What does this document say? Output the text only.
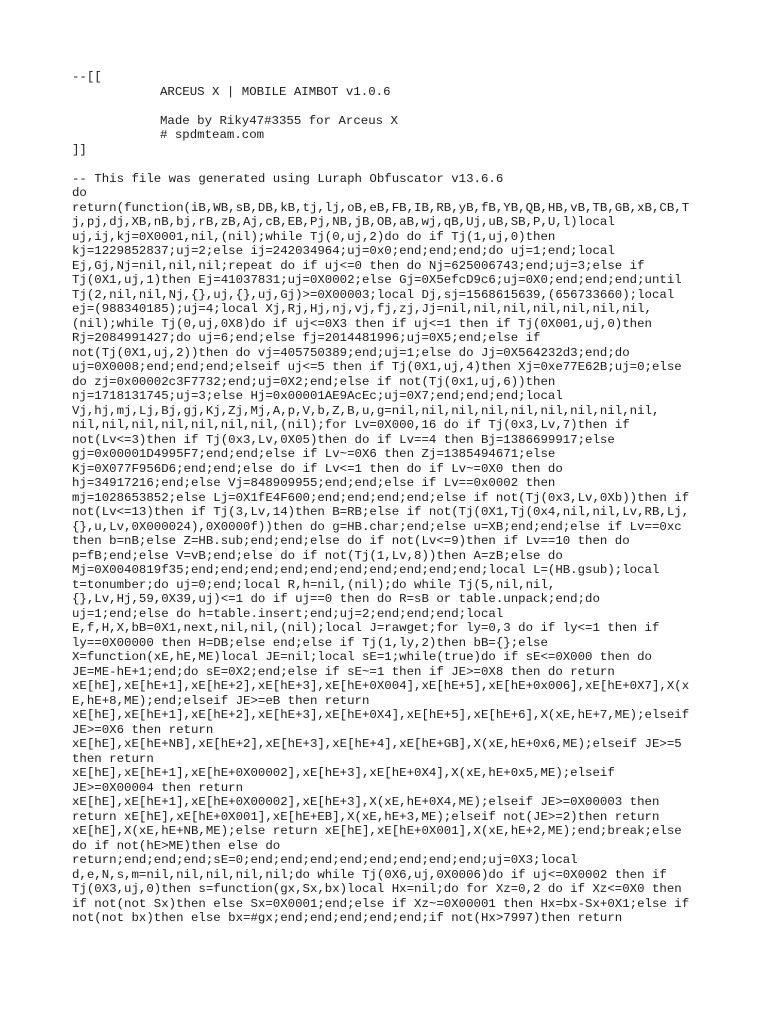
--[[
ARCEUS X | MOBILE AIMBOT v1.0.6
Made by Riky47#3355 for Arceus X
# spdmteam.com
]]
-- This file was generated using Luraph Obfuscator v13.6.6
do
return(function(iB,WB,sB,DB,kB,tj,lj,oB,eB,FB,IB,RB,yB,fB,YB,QB,HB,vB,TB,GB,xB,CB,T
j,pj,dj,XB,nB,bj,rB,zB,Aj,cB,EB,Pj,NB,jB,OB,aB,wj,qB,Uj,uB,SB,P,U,l)local
uj,ij,kj=0X0001,nil,(nil);while Tj(0,uj,2)do do if Tj(1,uj,0)then
kj=1229852837;uj=2;else ij=242034964;uj=0x0;end;end;end;do uj=1;end;local
Ej,Gj,Nj=nil,nil,nil;repeat do if uj<=0 then do Nj=625006743;end;uj=3;else if
Tj(0X1,uj,1)then Ej=41037831;uj=0X0002;else Gj=0X5efcD9c6;uj=0X0;end;end;end;until
Tj(2,nil,nil,Nj,{},uj,{},uj,Gj)>=0X00003;local Dj,sj=1568615639,(656733660);local
ej=(988340185);uj=4;local Xj,Rj,Hj,nj,vj,fj,zj,Jj=nil,nil,nil,nil,nil,nil,nil,
(nil);while Tj(0,uj,0X8)do if uj<=0X3 then if uj<=1 then if Tj(0X001,uj,0)then
Rj=2084991427;do uj=6;end;else fj=2014481996;uj=0X5;end;else if
not(Tj(0X1,uj,2))then do vj=405750389;end;uj=1;else do Jj=0X564232d3;end;do
uj=0X0008;end;end;end;elseif uj<=5 then if Tj(0X1,uj,4)then Xj=0xe77E62B;uj=0;else
do zj=0x00002c3F7732;end;uj=0X2;end;else if not(Tj(0x1,uj,6))then
nj=1718131745;uj=3;else Hj=0x00001AE9AcEc;uj=0X7;end;end;end;local
Vj,hj,mj,Lj,Bj,gj,Kj,Zj,Mj,A,p,V,b,Z,B,u,g=nil,nil,nil,nil,nil,nil,nil,nil,nil,
nil,nil,nil,nil,nil,nil,nil,(nil);for Lv=0X000,16 do if Tj(0x3,Lv,7)then if
not(Lv<=3)then if Tj(0x3,Lv,0X05)then do if Lv==4 then Bj=1386699917;else
gj=0x00001D4995F7;end;end;else if Lv~=0X6 then Zj=1385494671;else
Kj=0X077F956D6;end;end;else do if Lv<=1 then do if Lv~=0X0 then do
hj=34917216;end;else Vj=848909955;end;end;else if Lv==0x0002 then
mj=1028653852;else Lj=0X1fE4F600;end;end;end;end;else if not(Tj(0x3,Lv,0Xb))then if
not(Lv<=13)then if Tj(3,Lv,14)then B=RB;else if not(Tj(0X1,Tj(0x4,nil,nil,Lv,RB,Lj,
{},u,Lv,0X000024),0X0000f))then do g=HB.char;end;else u=XB;end;end;else if Lv==0xc
then b=nB;else Z=HB.sub;end;end;else do if not(Lv<=9)then if Lv==10 then do
p=fB;end;else V=vB;end;else do if not(Tj(1,Lv,8))then A=zB;else do
Mj=0X0040819f35;end;end;end;end;end;end;end;end;end;end;local L=(HB.gsub);local
t=tonumber;do uj=0;end;local R,h=nil,(nil);do while Tj(5,nil,nil,
{},Lv,Hj,59,0X39,uj)<=1 do if uj==0 then do R=sB or table.unpack;end;do
uj=1;end;else do h=table.insert;end;uj=2;end;end;end;local
E,f,H,X,bB=0X1,next,nil,nil,(nil);local J=rawget;for ly=0,3 do if ly<=1 then if
ly==0X00000 then H=DB;else end;else if Tj(1,ly,2)then bB={};else
X=function(xE,hE,ME)local JE=nil;local sE=1;while(true)do if sE<=0X000 then do
JE=ME-hE+1;end;do sE=0X2;end;else if sE~=1 then if JE>=0X8 then do return
xE[hE],xE[hE+1],xE[hE+2],xE[hE+3],xE[hE+0X004],xE[hE+5],xE[hE+0x006],xE[hE+0X7],X(x
E,hE+8,ME);end;elseif JE>=eB then return
xE[hE],xE[hE+1],xE[hE+2],xE[hE+3],xE[hE+0X4],xE[hE+5],xE[hE+6],X(xE,hE+7,ME);elseif
JE>=0X6 then return
xE[hE],xE[hE+NB],xE[hE+2],xE[hE+3],xE[hE+4],xE[hE+GB],X(xE,hE+0x6,ME);elseif JE>=5
then return
xE[hE],xE[hE+1],xE[hE+0X00002],xE[hE+3],xE[hE+0X4],X(xE,hE+0x5,ME);elseif
JE>=0X00004 then return
xE[hE],xE[hE+1],xE[hE+0X00002],xE[hE+3],X(xE,hE+0X4,ME);elseif JE>=0X00003 then
return xE[hE],xE[hE+0X001],xE[hE+EB],X(xE,hE+3,ME);elseif not(JE>=2)then return
xE[hE],X(xE,hE+NB,ME);else return xE[hE],xE[hE+0X001],X(xE,hE+2,ME);end;break;else
do if not(hE>ME)then else do
return;end;end;end;sE=0;end;end;end;end;end;end;end;end;uj=0X3;local
d,e,N,s,m=nil,nil,nil,nil,nil;do while Tj(0X6,uj,0X0006)do if uj<=0X0002 then if
Tj(0X3,uj,0)then s=function(gx,Sx,bx)local Hx=nil;do for Xz=0,2 do if Xz<=0X0 then
if not(not Sx)then else Sx=0X0001;end;else if Xz~=0X00001 then Hx=bx-Sx+0X1;else if
not(not bx)then else bx=#gx;end;end;end;end;end;if not(Hx>7997)then return
